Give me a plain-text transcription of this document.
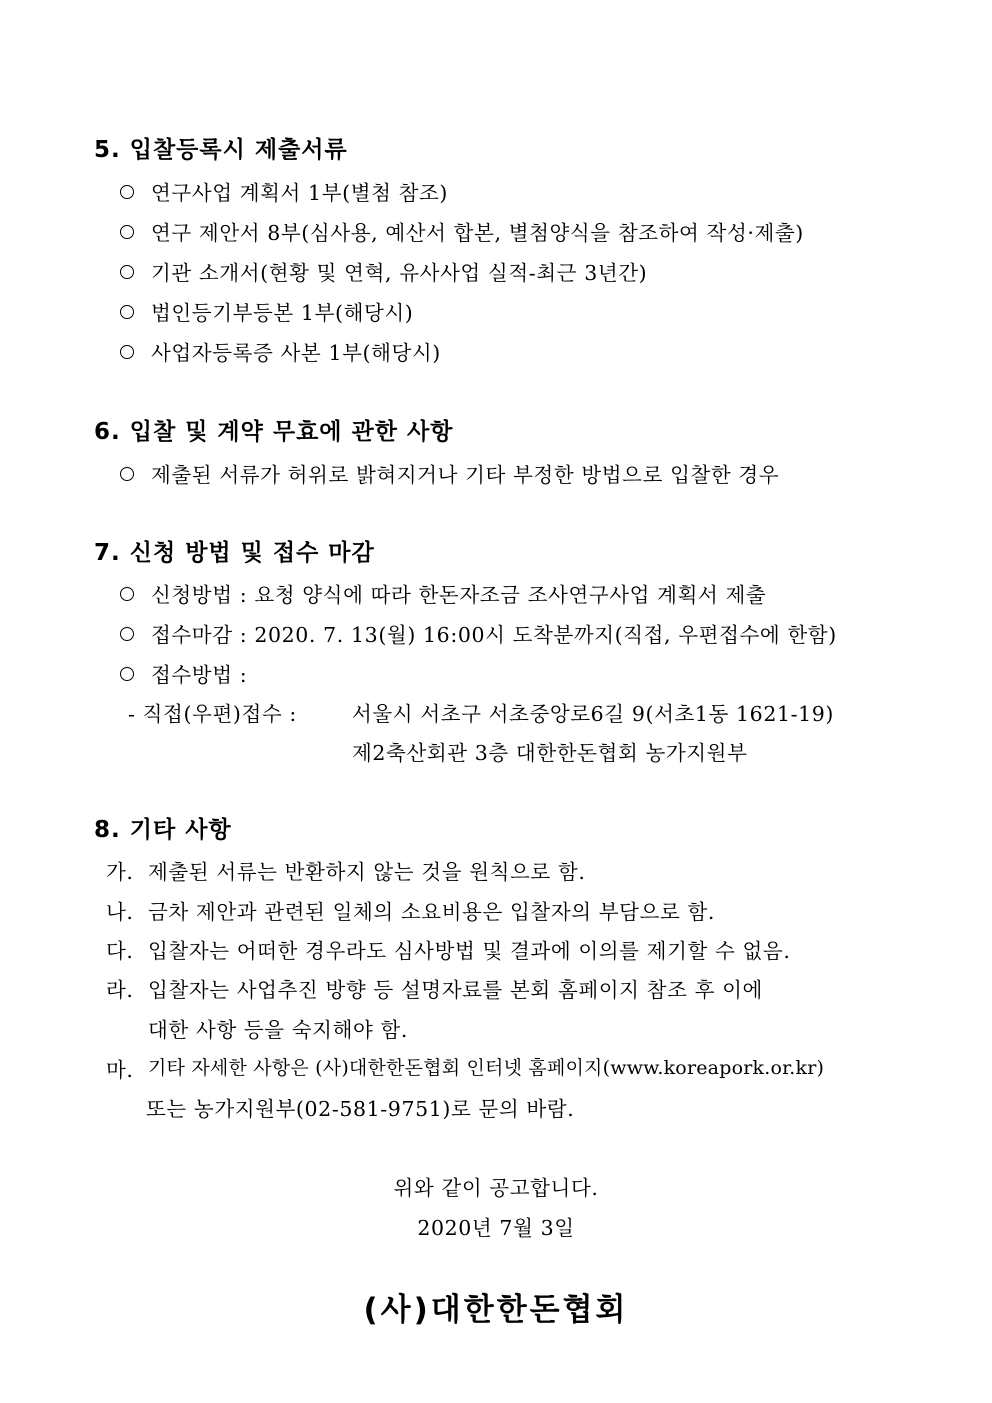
5. 입찰등록시 제출서류
연구사업 계획서 1부(별첨 참조)
연구 제안서 8부(심사용, 예산서 합본, 별첨양식을 참조하여 작성·제출)
기관 소개서(현황 및 연혁, 유사사업 실적-최근 3년간)
법인등기부등본 1부(해당시)
사업자등록증 사본 1부(해당시)
6. 입찰 및 계약 무효에 관한 사항
제출된 서류가 허위로 밝혀지거나 기타 부정한 방법으로 입찰한 경우
7. 신청 방법 및 접수 마감
신청방법 : 요청 양식에 따라 한돈자조금 조사연구사업 계획서 제출
접수마감 : 2020. 7. 13(월) 16:00시 도착분까지(직접, 우편접수에 한함)
접수방법 :
- 직접(우편)접수 :	서울시 서초구 서초중앙로6길 9(서초1동 1621-19)
제2축산회관 3층 대한한돈협회 농가지원부
8. 기타 사항
가. 제출된 서류는 반환하지 않는 것을 원칙으로 함.
나. 금차 제안과 관련된 일체의 소요비용은 입찰자의 부담으로 함.
다. 입찰자는 어떠한 경우라도 심사방법 및 결과에 이의를 제기할 수 없음.
라. 입찰자는 사업추진 방향 등 설명자료를 본회 홈페이지 참조 후 이에
대한 사항 등을 숙지해야 함.
마. 기타 자세한 사항은 (사)대한한돈협회 인터넷 홈페이지(www.koreapork.or.kr)
또는 농가지원부(02-581-9751)로 문의 바람.
위와 같이 공고합니다.
2020년 7월 3일
(사)대한한돈협회
